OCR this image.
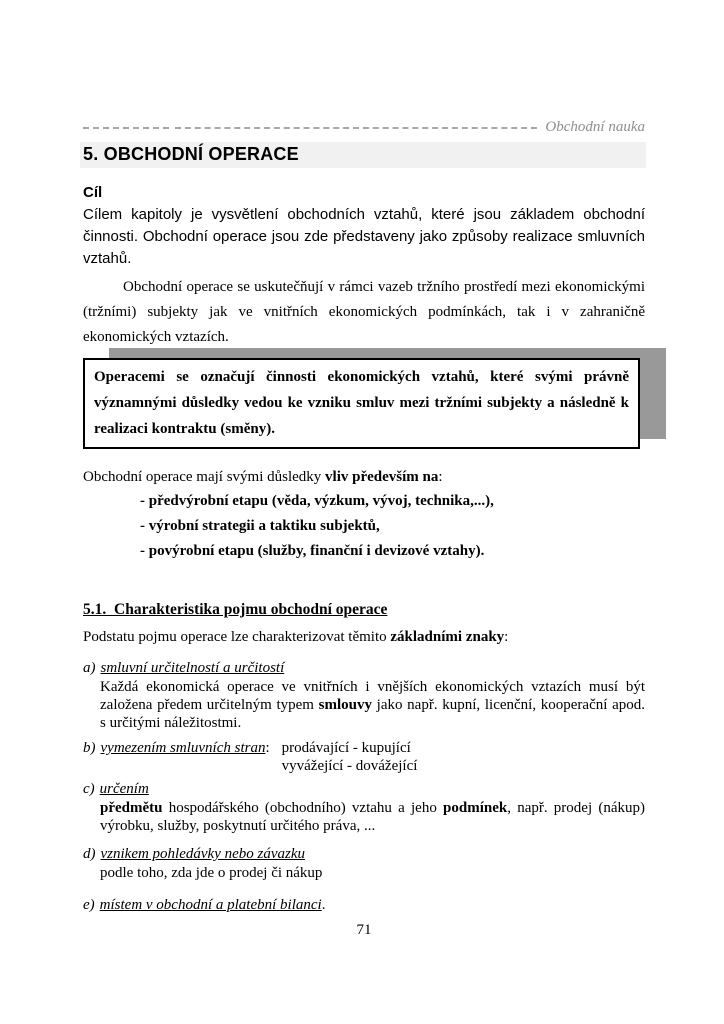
Obchodní nauka
5. OBCHODNÍ OPERACE
Cíl

Cílem kapitoly je vysvětlení obchodních vztahů, které jsou základem obchodní činnosti. Obchodní operace jsou zde představeny jako způsoby realizace smluvních vztahů.

Obchodní operace se uskutečňují v rámci vazeb tržního prostředí mezi ekonomickými (tržními) subjekty jak ve vnitřních ekonomických podmínkách, tak i v zahraničně ekonomických vztazích.

Operacemi se označují činnosti ekonomických vztahů, které svými právně významnými důsledky vedou ke vzniku smluv mezi tržními subjekty a následně k realizaci kontraktu (směny).

Obchodní operace mají svými důsledky vliv především na:

- předvýrobní etapu (věda, výzkum, vývoj, technika,...),
- výrobní strategii a taktiku subjektů,
- povýrobní etapu (služby, finanční i devizové vztahy).
5.1.  Charakteristika pojmu obchodní operace

Podstatu pojmu operace lze charakterizovat těmito základními znaky:

a) smluvní určitelností a určitostí

Každá ekonomická operace ve vnitřních i vnějších ekonomických vztazích musí být založena předem určitelným typem smlouvy jako např. kupní, licenční, kooperační apod. s určitými náležitostmi.

b) vymezením smluvních stran: prodávající - kupující
vyvážející - dovážející
c) určením

předmětu hospodářského (obchodního) vztahu a jeho podmínek, např. prodej (nákup) výrobku, služby, poskytnutí určitého práva, ...

d) vznikem pohledávky nebo závazku

podle toho, zda jde o prodej či nákup

e) místem v obchodní a platební bilanci.
71
